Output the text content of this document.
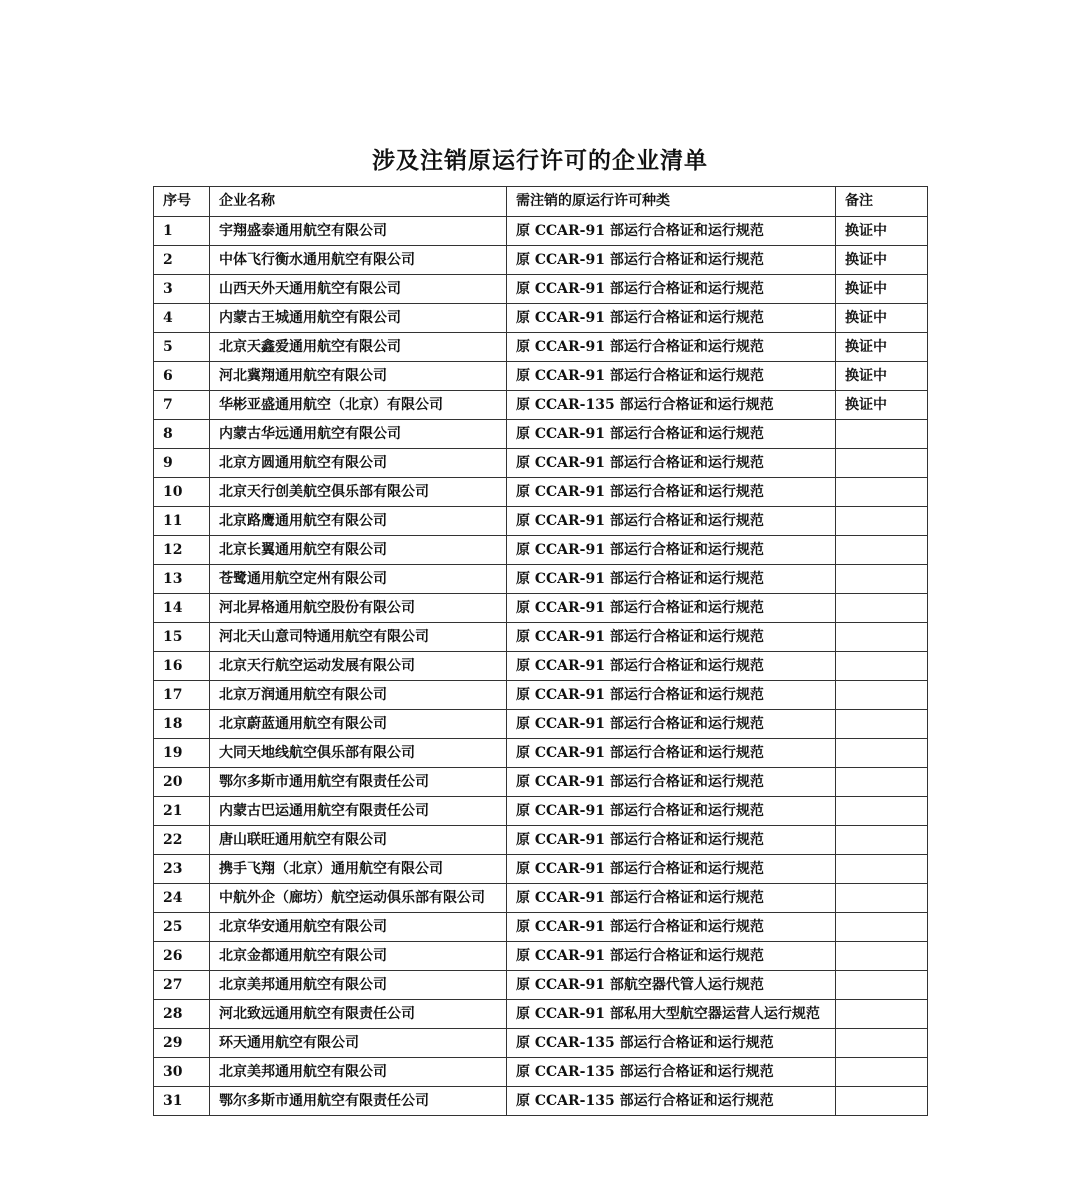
涉及注销原运行许可的企业清单
序号	企业名称	需注销的原运行许可种类	备注
1	宇翔盛泰通用航空有限公司	原 CCAR-91 部运行合格证和运行规范	换证中
2	中体飞行衡水通用航空有限公司	原 CCAR-91 部运行合格证和运行规范	换证中
3	山西天外天通用航空有限公司	原 CCAR-91 部运行合格证和运行规范	换证中
4	内蒙古王城通用航空有限公司	原 CCAR-91 部运行合格证和运行规范	换证中
5	北京天鑫爱通用航空有限公司	原 CCAR-91 部运行合格证和运行规范	换证中
6	河北冀翔通用航空有限公司	原 CCAR-91 部运行合格证和运行规范	换证中
7	华彬亚盛通用航空（北京）有限公司	原 CCAR-135 部运行合格证和运行规范	换证中
8	内蒙古华远通用航空有限公司	原 CCAR-91 部运行合格证和运行规范	
9	北京方圆通用航空有限公司	原 CCAR-91 部运行合格证和运行规范	
10	北京天行创美航空俱乐部有限公司	原 CCAR-91 部运行合格证和运行规范	
11	北京路鹰通用航空有限公司	原 CCAR-91 部运行合格证和运行规范	
12	北京长翼通用航空有限公司	原 CCAR-91 部运行合格证和运行规范	
13	苍鹭通用航空定州有限公司	原 CCAR-91 部运行合格证和运行规范	
14	河北昇格通用航空股份有限公司	原 CCAR-91 部运行合格证和运行规范	
15	河北天山意司特通用航空有限公司	原 CCAR-91 部运行合格证和运行规范	
16	北京天行航空运动发展有限公司	原 CCAR-91 部运行合格证和运行规范	
17	北京万润通用航空有限公司	原 CCAR-91 部运行合格证和运行规范	
18	北京蔚蓝通用航空有限公司	原 CCAR-91 部运行合格证和运行规范	
19	大同天地线航空俱乐部有限公司	原 CCAR-91 部运行合格证和运行规范	
20	鄂尔多斯市通用航空有限责任公司	原 CCAR-91 部运行合格证和运行规范	
21	内蒙古巴运通用航空有限责任公司	原 CCAR-91 部运行合格证和运行规范	
22	唐山联旺通用航空有限公司	原 CCAR-91 部运行合格证和运行规范	
23	携手飞翔（北京）通用航空有限公司	原 CCAR-91 部运行合格证和运行规范	
24	中航外企（廊坊）航空运动俱乐部有限公司	原 CCAR-91 部运行合格证和运行规范	
25	北京华安通用航空有限公司	原 CCAR-91 部运行合格证和运行规范	
26	北京金都通用航空有限公司	原 CCAR-91 部运行合格证和运行规范	
27	北京美邦通用航空有限公司	原 CCAR-91 部航空器代管人运行规范	
28	河北致远通用航空有限责任公司	原 CCAR-91 部私用大型航空器运营人运行规范	
29	环天通用航空有限公司	原 CCAR-135 部运行合格证和运行规范	
30	北京美邦通用航空有限公司	原 CCAR-135 部运行合格证和运行规范	
31	鄂尔多斯市通用航空有限责任公司	原 CCAR-135 部运行合格证和运行规范	
